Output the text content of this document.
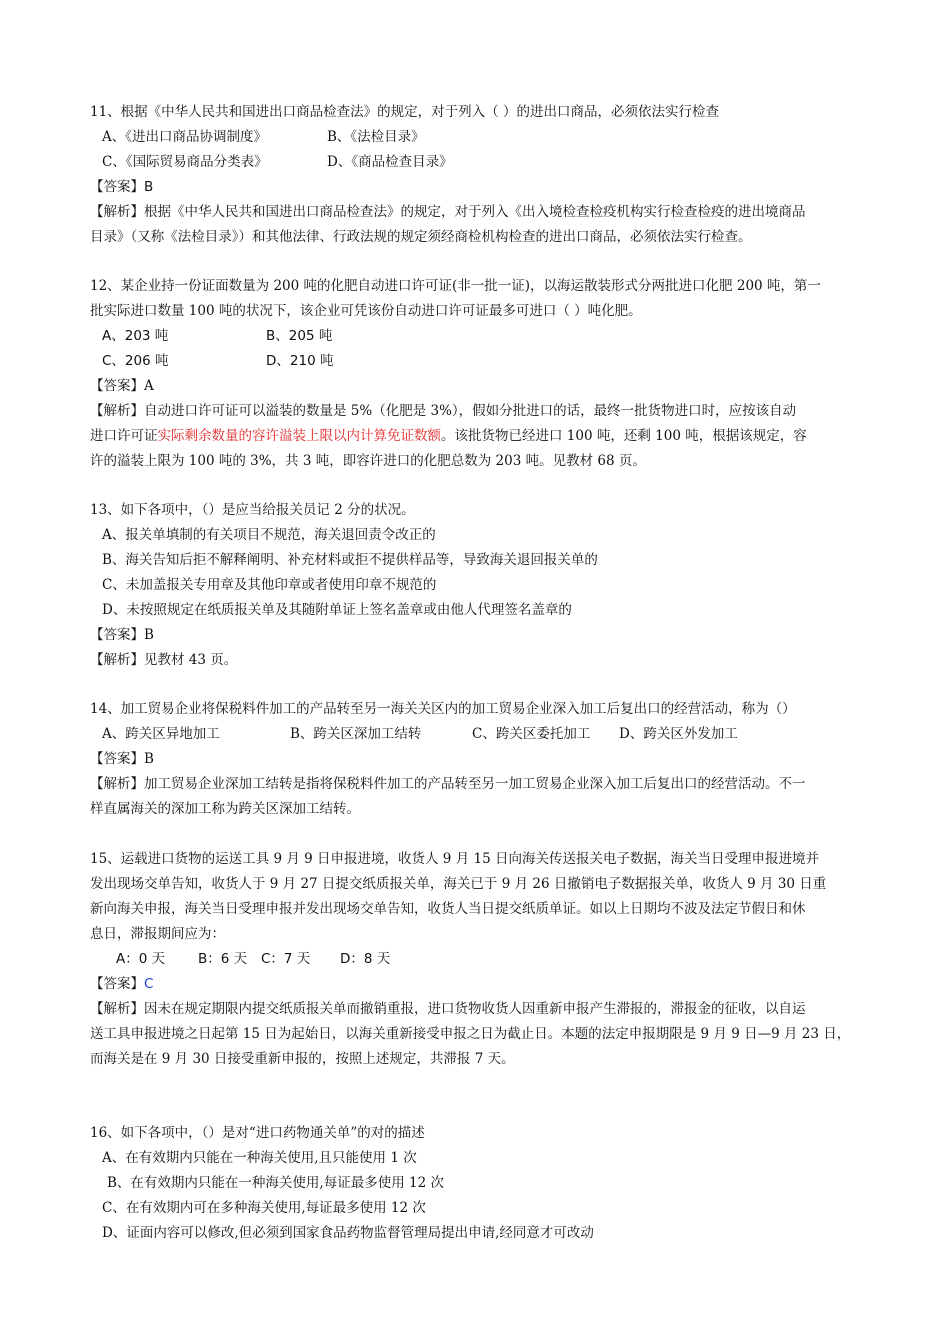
11、根据《中华人民共和国进出口商品检查法》的规定，对于列入（ ）的进出口商品，必须依法实行检查
A、《进出口商品协调制度》	B、《法检目录》
C、《国际贸易商品分类表》	D、《商品检查目录》
【答案】B
【解析】根据《中华人民共和国进出口商品检查法》的规定，对于列入《出入境检查检疫机构实行检查检疫的进出境商品
目录》（又称《法检目录》）和其他法律、行政法规的规定须经商检机构检查的进出口商品，必须依法实行检查。
12、某企业持一份证面数量为 200 吨的化肥自动进口许可证(非一批一证)，以海运散装形式分两批进口化肥 200 吨，第一
批实际进口数量 100 吨的状况下，该企业可凭该份自动进口许可证最多可进口（ ）吨化肥。
A、203 吨	B、205 吨
C、206 吨	D、210 吨
【答案】A
【解析】自动进口许可证可以溢装的数量是 5%（化肥是 3%），假如分批进口的话，最终一批货物进口时，应按该自动
进口许可证实际剩余数量的容许溢装上限以内计算免证数额。该批货物已经进口 100 吨，还剩 100 吨，根据该规定，容
许的溢装上限为 100 吨的 3%，共 3 吨，即容许进口的化肥总数为 203 吨。见教材 68 页。
13、如下各项中，（）是应当给报关员记 2 分的状况。
A、报关单填制的有关项目不规范，海关退回责令改正的
B、海关告知后拒不解释阐明、补充材料或拒不提供样品等，导致海关退回报关单的
C、未加盖报关专用章及其他印章或者使用印章不规范的
D、未按照规定在纸质报关单及其随附单证上签名盖章或由他人代理签名盖章的
【答案】B
【解析】见教材 43 页。
14、加工贸易企业将保税料件加工的产品转至另一海关关区内的加工贸易企业深入加工后复出口的经营活动，称为（）
A、跨关区异地加工	B、跨关区深加工结转	C、跨关区委托加工 D、跨关区外发加工
【答案】B
【解析】加工贸易企业深加工结转是指将保税料件加工的产品转至另一加工贸易企业深入加工后复出口的经营活动。不一
样直属海关的深加工称为跨关区深加工结转。
15、运载进口货物的运送工具 9 月 9 日申报进境，收货人 9 月 15 日向海关传送报关电子数据，海关当日受理申报进境并
发出现场交单告知，收货人于 9 月 27 日提交纸质报关单，海关已于 9 月 26 日撤销电子数据报关单，收货人 9 月 30 日重
新向海关申报，海关当日受理申报并发出现场交单告知，收货人当日提交纸质单证。如以上日期均不波及法定节假日和休
息日，滞报期间应为：
A：0 天 B：6 天 C：7 天 D：8 天
【答案】C
【解析】因未在规定期限内提交纸质报关单而撤销重报，进口货物收货人因重新申报产生滞报的，滞报金的征收，以自运
送工具申报进境之日起第 15 日为起始日，以海关重新接受申报之日为截止日。本题的法定申报期限是 9 月 9 日—9 月 23 日，
而海关是在 9 月 30 日接受重新申报的，按照上述规定，共滞报 7 天。
16、如下各项中，（）是对“进口药物通关单”的对的描述
A、在有效期内只能在一种海关使用,且只能使用 1 次
B、在有效期内只能在一种海关使用,每证最多使用 12 次
C、在有效期内可在多种海关使用,每证最多使用 12 次
D、证面内容可以修改,但必须到国家食品药物监督管理局提出申请,经同意才可改动
